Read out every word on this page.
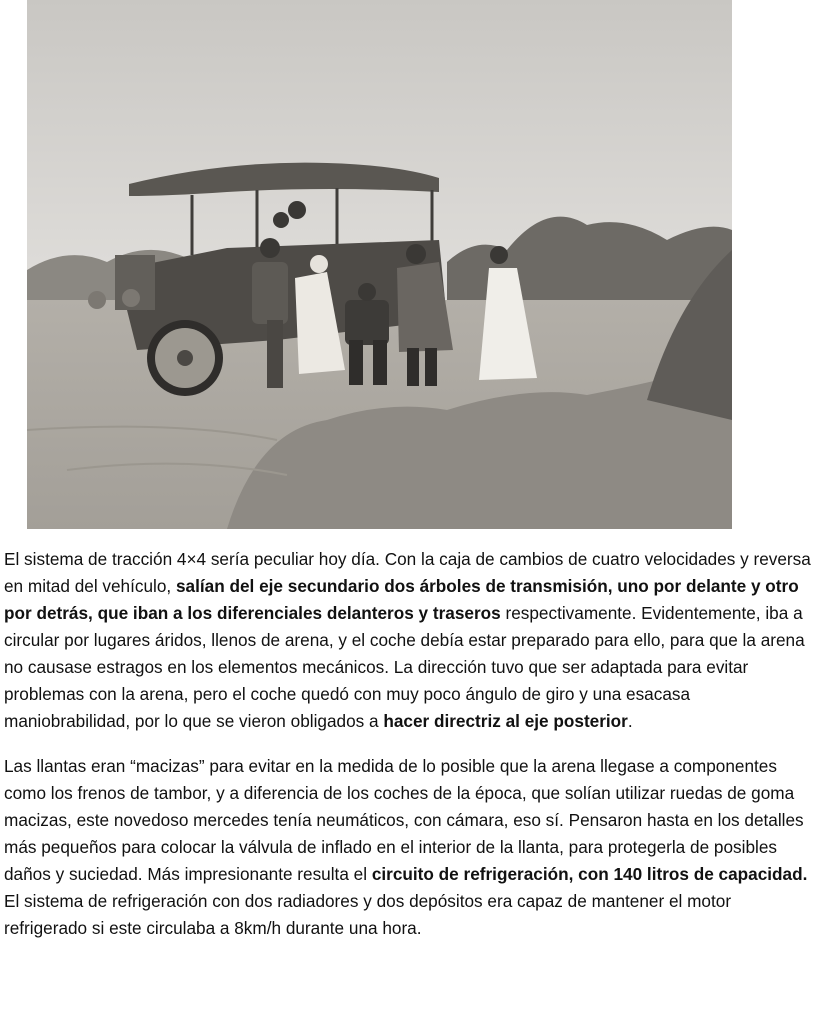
El sistema de tracción 4×4 sería peculiar hoy día. Con la caja de cambios de cuatro velocidades y reversa en mitad del vehículo, salían del eje secundario dos árboles de transmisión, uno por delante y otro por detrás, que iban a los diferenciales delanteros y traseros respectivamente. Evidentemente, iba a circular por lugares áridos, llenos de arena, y el coche debía estar preparado para ello, para que la arena no causase estragos en los elementos mecánicos. La dirección tuvo que ser adaptada para evitar problemas con la arena, pero el coche quedó con muy poco ángulo de giro y una esacasa maniobrabilidad, por lo que se vieron obligados a hacer directriz al eje posterior.

Las llantas eran “macizas” para evitar en la medida de lo posible que la arena llegase a componentes como los frenos de tambor, y a diferencia de los coches de la época, que solían utilizar ruedas de goma macizas, este novedoso mercedes tenía neumáticos, con cámara, eso sí. Pensaron hasta en los detalles más pequeños para colocar la válvula de inflado en el interior de la llanta, para protegerla de posibles daños y suciedad. Más impresionante resulta el circuito de refrigeración, con 140 litros de capacidad. El sistema de refrigeración con dos radiadores y dos depósitos era capaz de mantener el motor refrigerado si este circulaba a 8km/h durante una hora.
